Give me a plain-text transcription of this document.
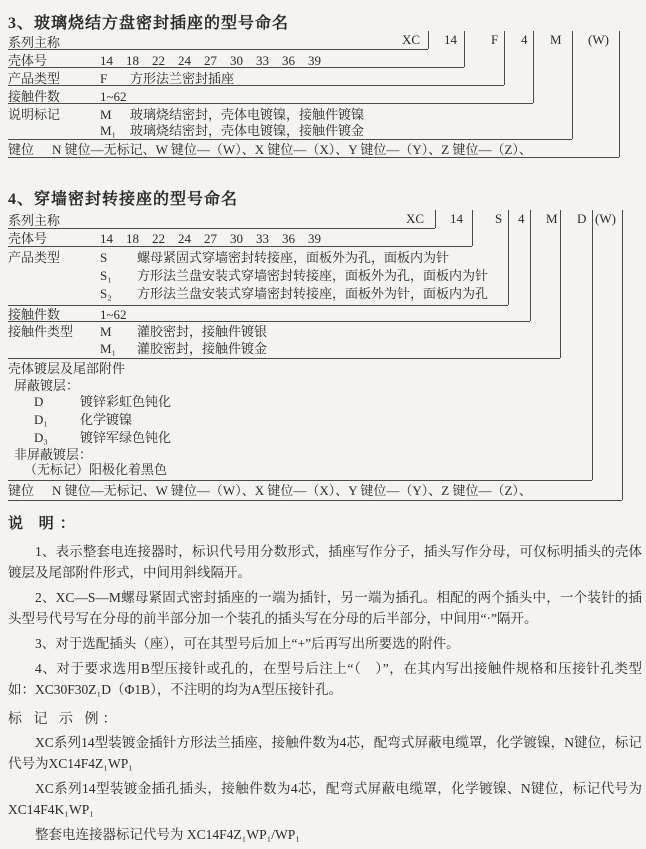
3、玻璃烧结方盘密封插座的型号命名
XC 14	F 4 M (W)
系列主称
壳体号	14    18    22    24    27    30    33    36    39
产品类型	F 方形法兰密封插座
接触件数	1~62
说明标记	M 玻璃烧结密封，壳体电镀镍，接触件镀镍
M₁ 玻璃烧结密封，壳体电镀镍，接触件镀金
键位 N 键位—无标记、W 键位—（W）、X 键位—（X）、Y 键位—（Y）、Z 键位—（Z）、
4、穿墙密封转接座的型号命名
XC 14 S 4 M D (W)
系列主称
壳体号	14    18    22    24    27    30    33    36    39
产品类型	S 螺母紧固式穿墙密封转接座，面板外为孔，面板内为针
S₁ 方形法兰盘安装式穿墙密封转接座，面板外为孔，面板内为针
S₂ 方形法兰盘安装式穿墙密封转接座，面板外为针，面板内为孔
接触件数	1~62
接触件类型 M 灌胶密封，接触件镀银
M₁ 灌胶密封，接触件镀金
壳体镀层及尾部附件
屏蔽镀层：
D	镀锌彩虹色钝化
D₁ 化学镀镍
D₃ 镀锌军绿色钝化
非屏蔽镀层：
（无标记）阳极化着黑色
键位 N 键位—无标记、W 键位—（W）、X 键位—（X）、Y 键位—（Y）、Z 键位—（Z）、
说 明：

1、表示整套电连接器时，标识代号用分数形式，插座写作分子，插头写作分母，可仅标明插头的壳体镀层及尾部附件形式，中间用斜线隔开。

2、XC—S—M螺母紧固式密封插座的一端为插针，另一端为插孔。相配的两个插头中，一个装针的插头型号代号写在分母的前半部分加一个装孔的插头写在分母的后半部分，中间用“·”隔开。

3、对于选配插头（座），可在其型号后加上“+”后再写出所要选的附件。

4、对于要求选用B型压接针或孔的，在型号后注上“（　）”，在其内写出接触件规格和压接针孔类型如：XC30F30Z₁D（Φ1B），不注明的均为A型压接针孔。

标 记 示 例：

XC系列14型装镀金插针方形法兰插座，接触件数为4芯，配弯式屏蔽电缆罩，化学镀镍，N键位，标记代号为XC14F4Z₁WP₁

XC系列14型装镀金插孔插头，接触件数为4芯，配弯式屏蔽电缆罩，化学镀镍、N键位，标记代号为XC14F4K₁WP₁

整套电连接器标记代号为 XC14F4Z₁WP₁/WP₁
